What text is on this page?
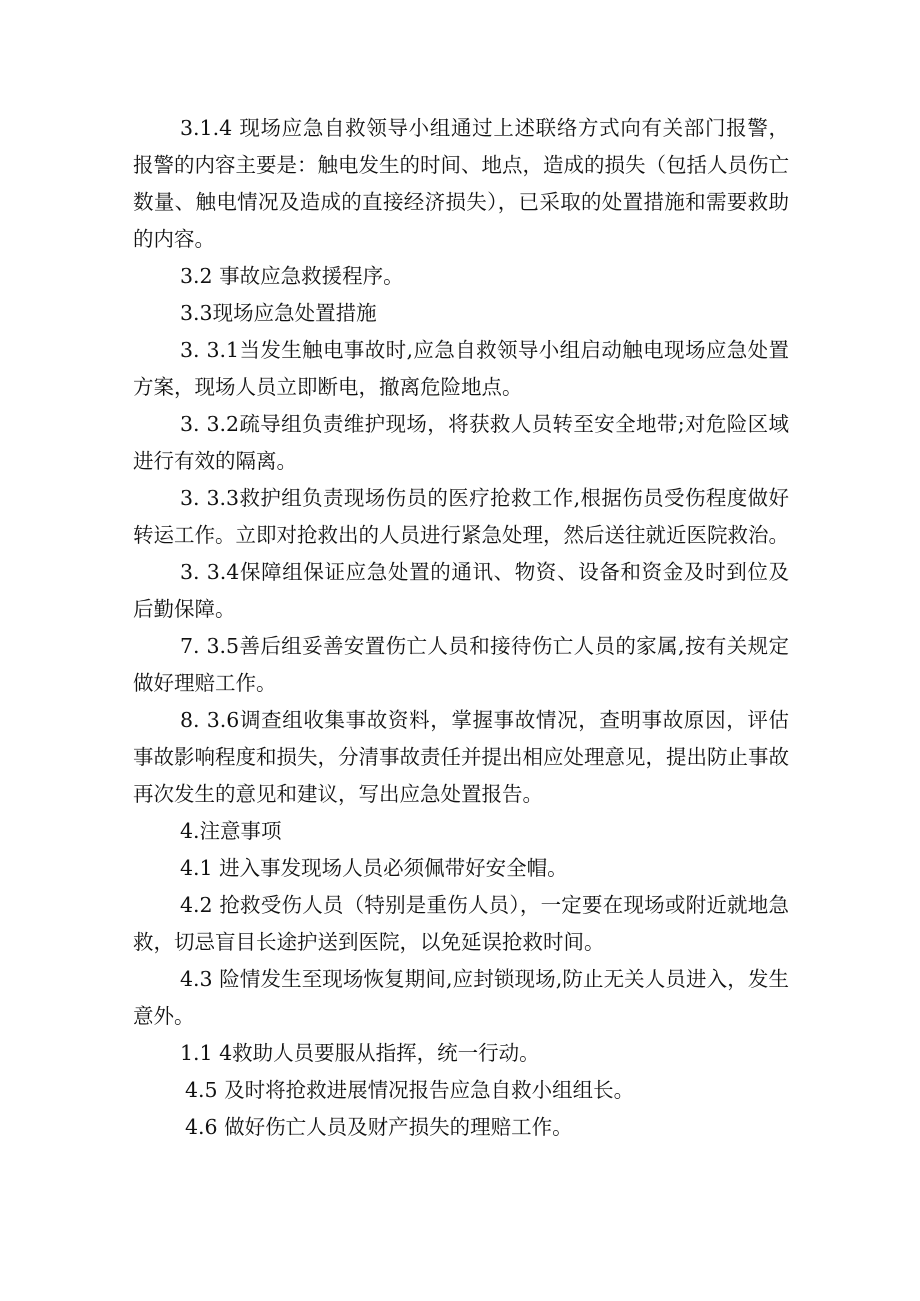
3.1.4 现场应急自救领导小组通过上述联络方式向有关部门报警，报警的内容主要是：触电发生的时间、地点，造成的损失（包括人员伤亡数量、触电情况及造成的直接经济损失），已采取的处置措施和需要救助的内容。

3.2 事故应急救援程序。

3.3现场应急处置措施

3. 3.1当发生触电事故时,应急自救领导小组启动触电现场应急处置方案，现场人员立即断电，撤离危险地点。

3. 3.2疏导组负责维护现场，将获救人员转至安全地带;对危险区域进行有效的隔离。

3. 3.3救护组负责现场伤员的医疗抢救工作,根据伤员受伤程度做好转运工作。立即对抢救出的人员进行紧急处理，然后送往就近医院救治。

3. 3.4保障组保证应急处置的通讯、物资、设备和资金及时到位及后勤保障。

7. 3.5善后组妥善安置伤亡人员和接待伤亡人员的家属,按有关规定做好理赔工作。

8. 3.6调查组收集事故资料，掌握事故情况，查明事故原因，评估事故影响程度和损失，分清事故责任并提出相应处理意见，提出防止事故再次发生的意见和建议，写出应急处置报告。

4.注意事项

4.1 进入事发现场人员必须佩带好安全帽。

4.2 抢救受伤人员（特别是重伤人员），一定要在现场或附近就地急救，切忌盲目长途护送到医院，以免延误抢救时间。

4.3 险情发生至现场恢复期间,应封锁现场,防止无关人员进入，发生意外。

1.1 4救助人员要服从指挥，统一行动。

4.5 及时将抢救进展情况报告应急自救小组组长。

4.6 做好伤亡人员及财产损失的理赔工作。
